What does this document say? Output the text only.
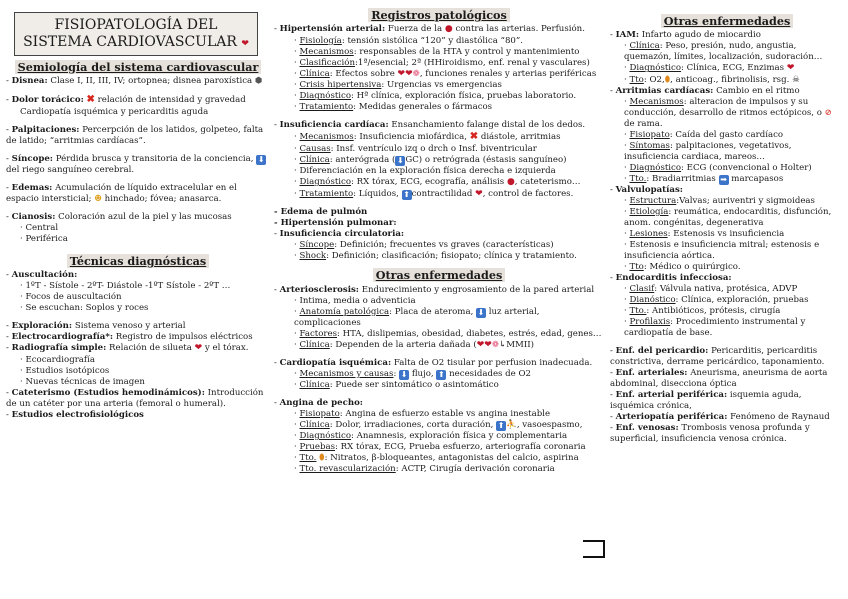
FISIOPATOLOGÍA DEL SISTEMA CARDIOVASCULAR ❤
Semiología del sistema cardiovascular
- Disnea: Clase I, II, III, IV; ortopnea; disnea paroxística ⬢
- Dolor torácico: ✖ relación de intensidad y gravedad
Cardiopatía isquémica y pericarditis aguda
- Palpitaciones: Percerpción de los latidos, golpeteo, falta de latido; “arritmias cardíacas”.
- Síncope: Pérdida brusca y transitoria de la conciencia, ⬇ del riego sanguíneo cerebral.
- Edemas: Acumulación de líquido extracelular en el espacio intersticial; ☻ hinchado; fóvea; anasarca.
- Cianosis: Coloración azul de la piel y las mucosas
· Central
· Periférica
Técnicas diagnósticas
- Auscultación:
· 1ºT - Sístole - 2ºT- Diástole -1ºT Sístole - 2ºT …
· Focos de auscultación
· Se escuchan: Soplos y roces
- Exploración: Sistema venoso y arterial
- Electrocardiografía*: Registro de impulsos eléctricos
- Radiografía simple: Relación de silueta ❤ y el tórax.
· Ecocardiografía
· Estudios isotópicos
· Nuevas técnicas de imagen
- Cateterismo (Estudios hemodinámicos): Introducción de un catéter por una arteria (femoral o humeral).
- Estudios electrofisiológicos
Registros patológicos
- Hipertensión arterial: Fuerza de la ● contra las arterias. Perfusión.
· Fisiología: tensión sistólica “120” y diastólica “80”.
· Mecanismos: responsables de la HTA y control y mantenimiento
· Clasificación:1ª/esencial; 2ª (HHiroidismo, enf. renal y vasculares)
· Clínica: Efectos sobre ❤❤❁, funciones renales y arterias periféricas
· Crisis hipertensiva: Urgencias vs emergencias
· Diagnóstico: Hª clínica, exploración física, pruebas laboratorio.
· Tratamiento: Medidas generales o fármacos
- Insuficiencia cardíaca: Ensanchamiento falange distal de los dedos.
· Mecanismos: Insuficiencia miofárdica, ✖ diástole, arritmias
· Causas: Insf. ventrículo izq o drch o Insf. biventricular
· Clínica: anterógrada ( ⬇ GC) o retrógrada (éstasis sanguíneo)
· Diferenciación en la exploración física derecha e izquierda
· Diagnóstico: RX tórax, ECG, ecografía, análisis ●, cateterismo…
· Tratamiento: Líquidos, ⬆ contractilidad ❤, control de factores.
- Edema de pulmón
- Hipertensión pulmonar:
- Insuficiencia circulatoria:
· Síncope: Definición; frecuentes vs graves (características)
· Shock: Definición; clasificación; fisiopato; clínica y tratamiento.
Otras enfermedades
- Arteriosclerosis: Endurecimiento y engrosamiento de la pared arterial
· Intima, media o adventicia
· Anatomía patológica: Placa de ateroma, ⬇ luz arterial, complicaciones
· Factores: HTA, dislipemias, obesidad, diabetes, estrés, edad, genes…
· Clínica: Dependen de la arteria dañada (❤❤❁↳MMII)
- Cardiopatía isquémica: Falta de O2 tisular por perfusion inadecuada.
· Mecanismos y causas: ⬇ flujo, ⬆ necesidades de O2
· Clínica: Puede ser sintomático o asintomático
- Angina de pecho:
· Fisiopato: Angina de esfuerzo estable vs angina inestable
· Clínica: Dolor, irradiaciones, corta duración, ⬆ ⛹, vasoespasmo,
· Diagnóstico: Anamnesis, exploración física y complementaria
· Pruebas: RX tórax, ECG, Prueba esfuerzo, arteriografía coronaria
· Tto. ⬮: Nitratos, β-bloqueantes, antagonistas del calcio, aspirina
· Tto. revascularización: ACTP, Cirugía derivación coronaria
Otras enfermedades
- IAM: Infarto agudo de miocardio
· Clínica: Peso, presión, nudo, angustia, quemazón, límites, localización, sudoración…
· Diagnóstico: Clínica, ECG, Enzimas ❤
· Tto: O2,⬮, anticoag., fibrinolisis, rsg. ☠
- Arritmias cardíacas: Cambio en el ritmo
· Mecanismos: alteracion de impulsos y su conducción, desarrollo de ritmos ectópicos, o ⊘ de rama.
· Fisiopato: Caída del gasto cardíaco
· Síntomas: palpitaciones, vegetativos, insuficiencia cardiaca, mareos…
· Diagnóstico: ECG (convencional o Holter)
· Tto.: Bradiarritmias ➡ marcapasos
- Valvulopatías:
· Estructura:Valvas; auriventri y sigmoideas
· Etiología: reumática, endocarditis, disfunción, anom. congénitas, degenerativa
· Lesiones: Estenosis vs insuficiencia
· Estenosis e insuficiencia mitral; estenosis e insuficiencia aórtica.
· Tto: Médico o quirúrgico.
- Endocarditis infecciosa:
· Clasif: Válvula nativa, protésica, ADVP
· Dianóstico: Clínica, exploración, pruebas
· Tto.: Antibióticos, prótesis, cirugía
· Profilaxis: Procedimiento instrumental y cardiopatía de base.
- Enf. del pericardio: Pericarditis, pericarditis constrictiva, derrame pericárdico, taponamiento.
- Enf. arteriales: Aneurisma, aneurisma de aorta abdominal, disecciona óptica
- Enf. arterial periférica: isquemia aguda, isquémica crónica,
- Arteriopatía periférica: Fenómeno de Raynaud
- Enf. venosas: Trombosis venosa profunda y superficial, insuficiencia venosa crónica.
